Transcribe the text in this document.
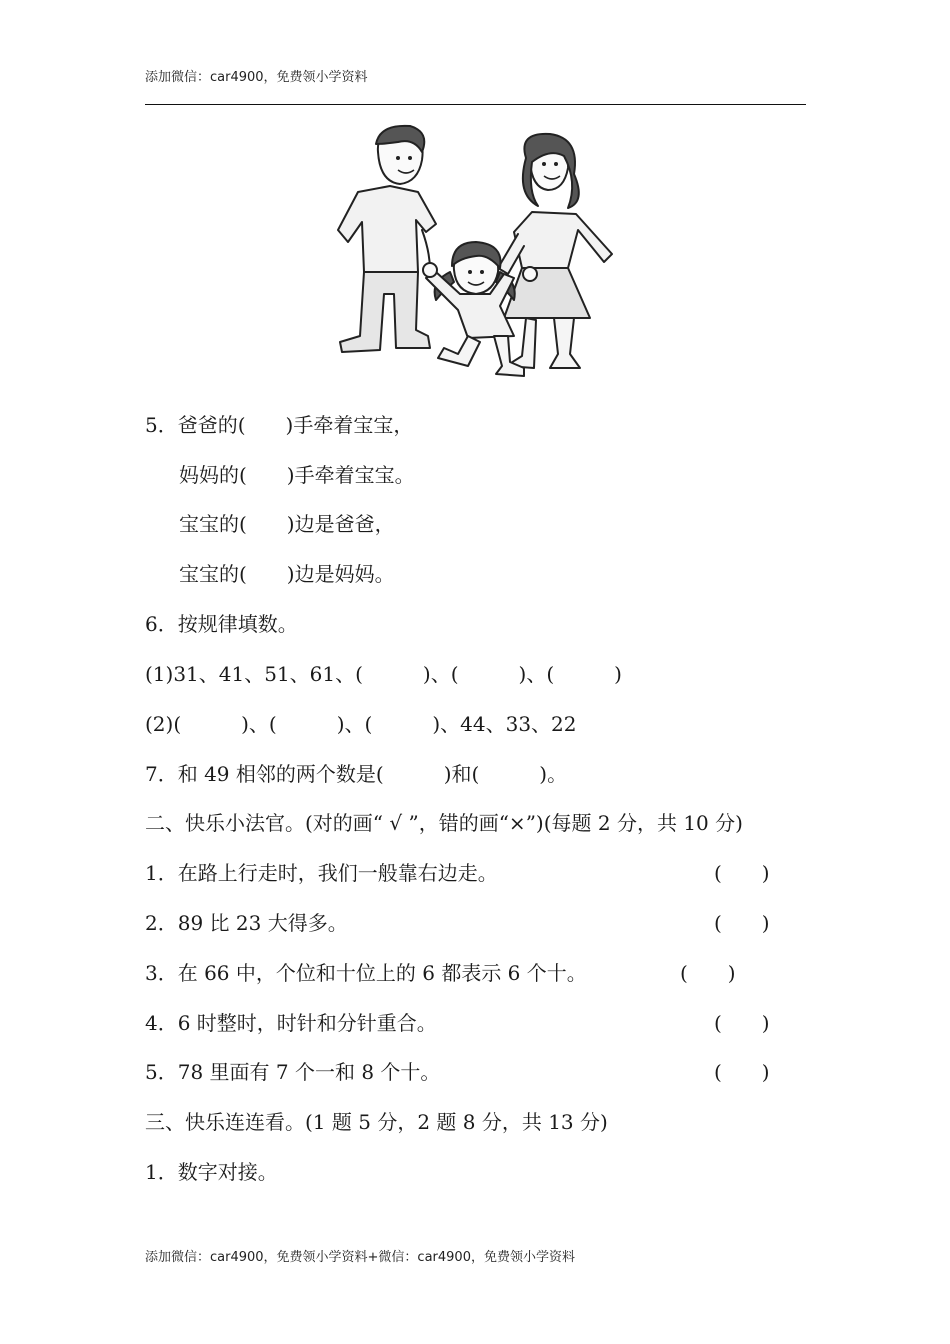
添加微信：car4900，免费领小学资料
5．爸爸的(　　)手牵着宝宝，
妈妈的(　　)手牵着宝宝。
宝宝的(　　)边是爸爸，
宝宝的(　　)边是妈妈。
6．按规律填数。
(1)31、41、51、61、(　　　)、(　　　)、(　　　)
(2)(　　　)、(　　　)、(　　　)、44、33、22
7．和 49 相邻的两个数是(　　　)和(　　　)。
二、快乐小法官。(对的画“ √ ”，错的画“×”)(每题 2 分，共 10 分)
1．在路上行走时，我们一般靠右边走。	(　　)
2．89 比 23 大得多。	(　　)
3．在 66 中，个位和十位上的 6 都表示 6 个十。	(　　)
4．6 时整时，时针和分针重合。	(　　)
5．78 里面有 7 个一和 8 个十。	(　　)
三、快乐连连看。(1 题 5 分，2 题 8 分，共 13 分)
1．数字对接。
添加微信：car4900，免费领小学资料+微信：car4900，免费领小学资料
